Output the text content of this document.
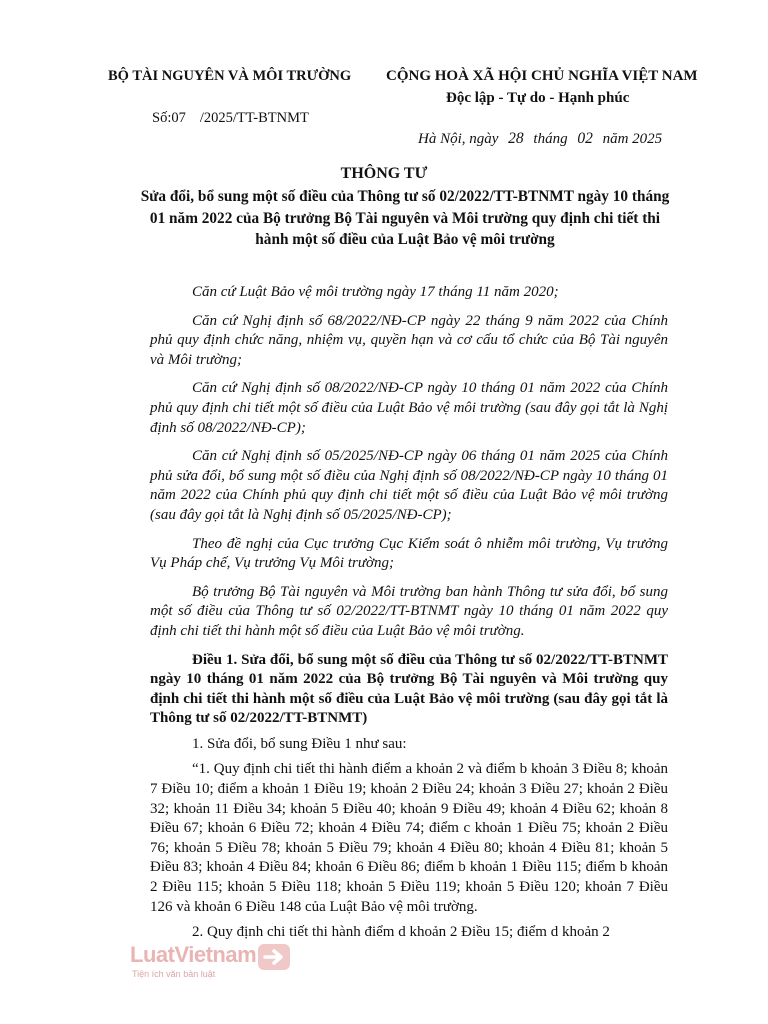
BỘ TÀI NGUYÊN VÀ MÔI TRƯỜNG	CỘNG HOÀ XÃ HỘI CHỦ NGHĨA VIỆT NAM
Độc lập - Tự do - Hạnh phúc
Số:07 /2025/TT-BTNMT
Hà Nội, ngày 28 tháng 02 năm 2025
THÔNG TƯ
Sửa đổi, bổ sung một số điều của Thông tư số 02/2022/TT-BTNMT ngày 10 tháng 01 năm 2022 của Bộ trưởng Bộ Tài nguyên và Môi trường quy định chi tiết thi hành một số điều của Luật Bảo vệ môi trường

Căn cứ Luật Bảo vệ môi trường ngày 17 tháng 11 năm 2020;

Căn cứ Nghị định số 68/2022/NĐ-CP ngày 22 tháng 9 năm 2022 của Chính phủ quy định chức năng, nhiệm vụ, quyền hạn và cơ cấu tổ chức của Bộ Tài nguyên và Môi trường;

Căn cứ Nghị định số 08/2022/NĐ-CP ngày 10 tháng 01 năm 2022 của Chính phủ quy định chi tiết một số điều của Luật Bảo vệ môi trường (sau đây gọi tắt là Nghị định số 08/2022/NĐ-CP);

Căn cứ Nghị định số 05/2025/NĐ-CP ngày 06 tháng 01 năm 2025 của Chính phủ sửa đổi, bổ sung một số điều của Nghị định số 08/2022/NĐ-CP ngày 10 tháng 01 năm 2022 của Chính phủ quy định chi tiết một số điều của Luật Bảo vệ môi trường (sau đây gọi tắt là Nghị định số 05/2025/NĐ-CP);

Theo đề nghị của Cục trưởng Cục Kiểm soát ô nhiễm môi trường, Vụ trưởng Vụ Pháp chế, Vụ trưởng Vụ Môi trường;

Bộ trưởng Bộ Tài nguyên và Môi trường ban hành Thông tư sửa đổi, bổ sung một số điều của Thông tư số 02/2022/TT-BTNMT ngày 10 tháng 01 năm 2022 quy định chi tiết thi hành một số điều của Luật Bảo vệ môi trường.

Điều 1. Sửa đổi, bổ sung một số điều của Thông tư số 02/2022/TT-BTNMT ngày 10 tháng 01 năm 2022 của Bộ trưởng Bộ Tài nguyên và Môi trường quy định chi tiết thi hành một số điều của Luật Bảo vệ môi trường (sau đây gọi tắt là Thông tư số 02/2022/TT-BTNMT)

1. Sửa đổi, bổ sung Điều 1 như sau:

“1. Quy định chi tiết thi hành điểm a khoản 2 và điểm b khoản 3 Điều 8; khoản 7 Điều 10; điểm a khoản 1 Điều 19; khoản 2 Điều 24; khoản 3 Điều 27; khoản 2 Điều 32; khoản 11 Điều 34; khoản 5 Điều 40; khoản 9 Điều 49; khoản 4 Điều 62; khoản 8 Điều 67; khoản 6 Điều 72; khoản 4 Điều 74; điểm c khoản 1 Điều 75; khoản 2 Điều 76; khoản 5 Điều 78; khoản 5 Điều 79; khoản 4 Điều 80; khoản 4 Điều 81; khoản 5 Điều 83; khoản 4 Điều 84; khoản 6 Điều 86; điểm b khoản 1 Điều 115; điểm b khoản 2 Điều 115; khoản 5 Điều 118; khoản 5 Điều 119; khoản 5 Điều 120; khoản 7 Điều 126 và khoản 6 Điều 148 của Luật Bảo vệ môi trường.

2. Quy định chi tiết thi hành điểm d khoản 2 Điều 15; điểm d khoản 2

LuatVietnam
Tiện ích văn bản luật
